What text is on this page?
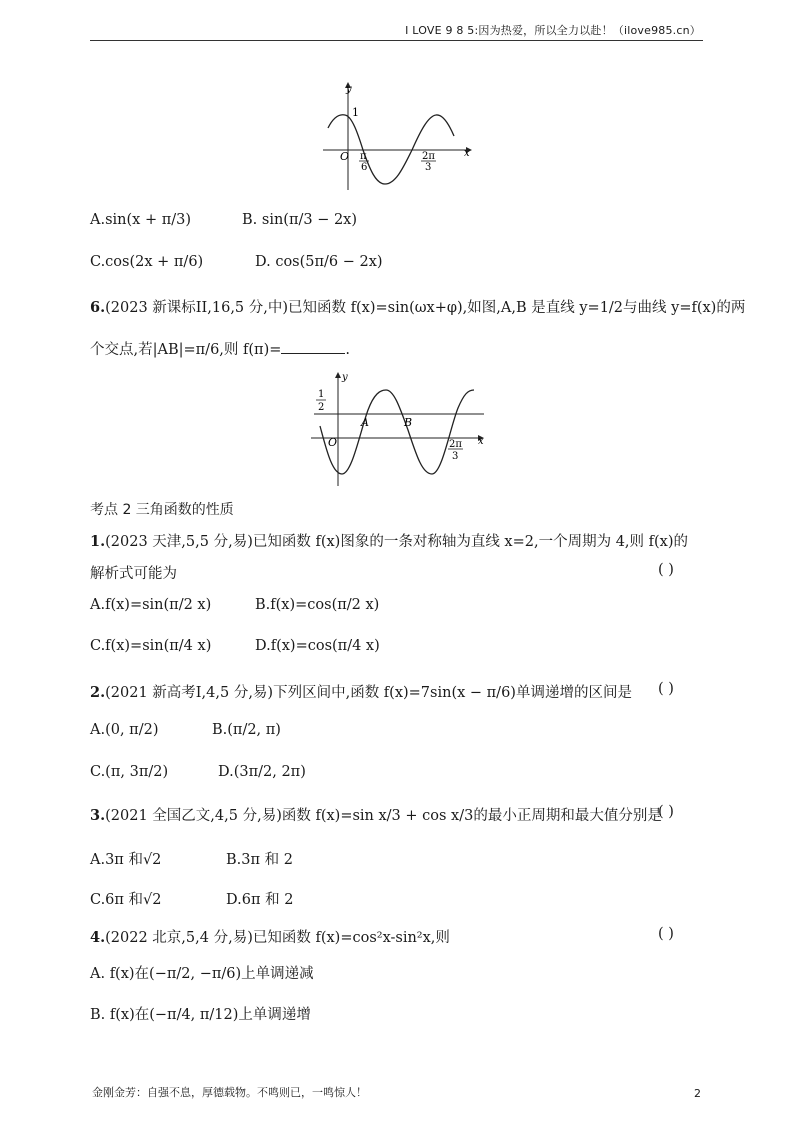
I LOVE 9 8 5:因为热爱，所以全力以赴！（ilove985.cn）
y
x
O
1
π
6
2π
3
A.sin(x + π/3)	B. sin(π/3 − 2x)
C.cos(2x + π/6)	D. cos(5π/6 − 2x)
6.(2023 新课标II,16,5 分,中)已知函数 f(x)=sin(ωx+φ),如图,A,B 是直线 y=1/2与曲线 y=f(x)的两
个交点,若|AB|=π/6,则 f(π)=	.
y
x
O
1
2
A	B
2π
3
考点 2 三角函数的性质
1.(2023 天津,5,5 分,易)已知函数 f(x)图象的一条对称轴为直线 x=2,一个周期为 4,则 f(x)的
解析式可能为	( )
A.f(x)=sin(π/2 x)	B.f(x)=cos(π/2 x)
C.f(x)=sin(π/4 x)	D.f(x)=cos(π/4 x)
2.(2021 新高考I,4,5 分,易)下列区间中,函数 f(x)=7sin(x − π/6)单调递增的区间是 ( )
A.(0, π/2)	B.(π/2, π)
C.(π, 3π/2)	D.(3π/2, 2π)
3.(2021 全国乙文,4,5 分,易)函数 f(x)=sin x/3 + cos x/3的最小正周期和最大值分别是
( )
A.3π 和√2	B.3π 和 2
C.6π 和√2	D.6π 和 2
4.(2022 北京,5,4 分,易)已知函数 f(x)=cos²x-sin²x,则	( )
A. f(x)在(−π/2, −π/6)上单调递减
B. f(x)在(−π/4, π/12)上单调递增
金刚金芳：自强不息，厚德载物。不鸣则已，一鸣惊人！	2
